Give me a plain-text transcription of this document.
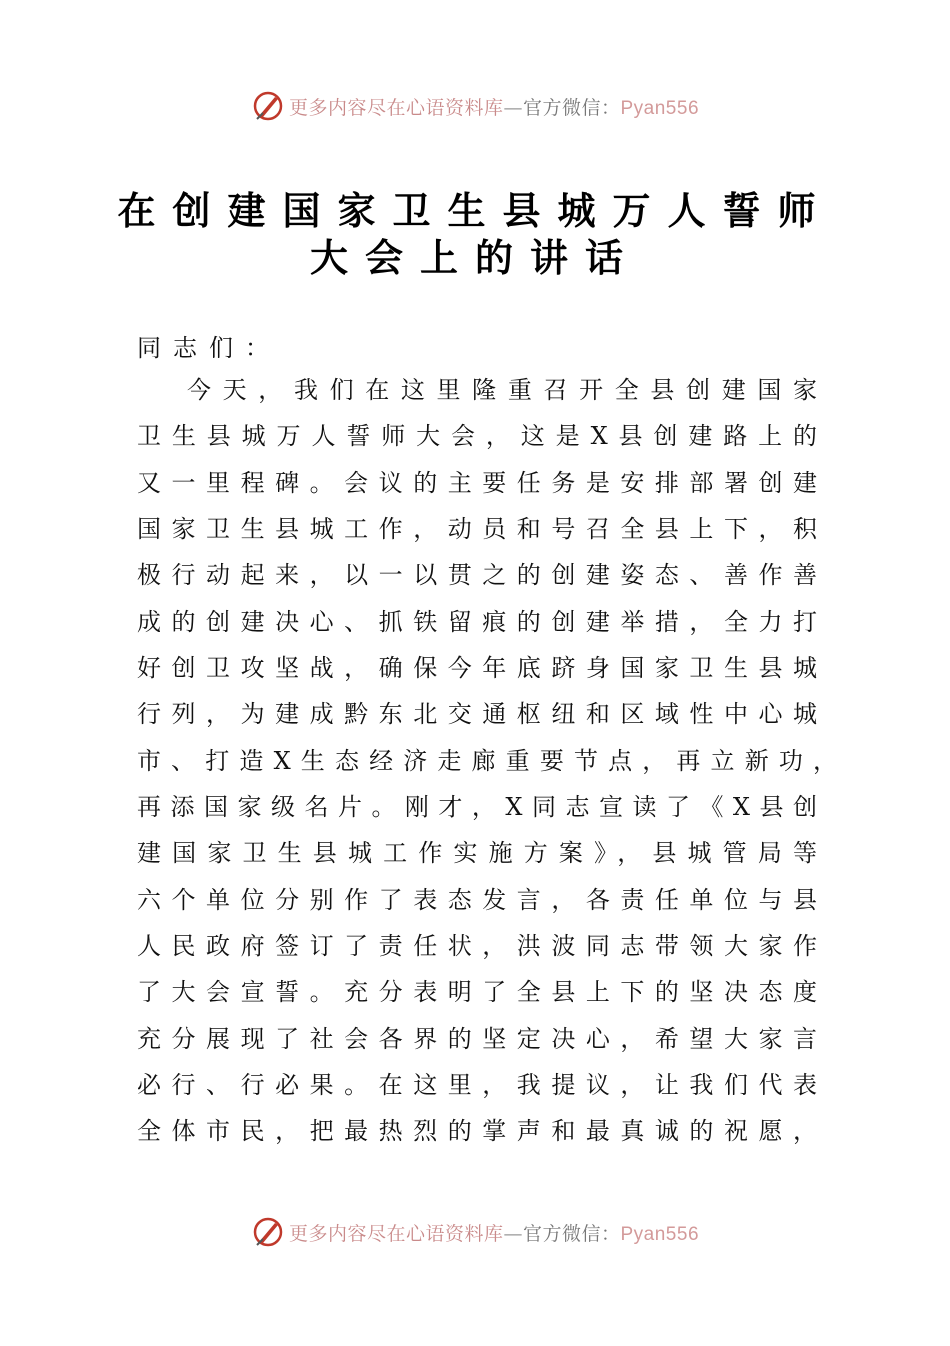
更多内容尽在心语资料库—官方微信：Pyan556
在创建国家卫生县城万人誓师
大会上的讲话
同志们：
今天，我们在这里隆重召开全县创建国家
卫生县城万人誓师大会，这是X县创建路上的
又一里程碑。会议的主要任务是安排部署创建
国家卫生县城工作，动员和号召全县上下，积
极行动起来，以一以贯之的创建姿态、善作善
成的创建决心、抓铁留痕的创建举措，全力打
好创卫攻坚战，确保今年底跻身国家卫生县城
行列，为建成黔东北交通枢纽和区域性中心城
市、打造X生态经济走廊重要节点，再立新功，
再添国家级名片。刚才，X同志宣读了《X县创
建国家卫生县城工作实施方案》，县城管局等
六个单位分别作了表态发言，各责任单位与县
人民政府签订了责任状，洪波同志带领大家作
了大会宣誓。充分表明了全县上下的坚决态度
充分展现了社会各界的坚定决心，希望大家言
必行、行必果。在这里，我提议，让我们代表
全体市民，把最热烈的掌声和最真诚的祝愿，
更多内容尽在心语资料库—官方微信：Pyan556
